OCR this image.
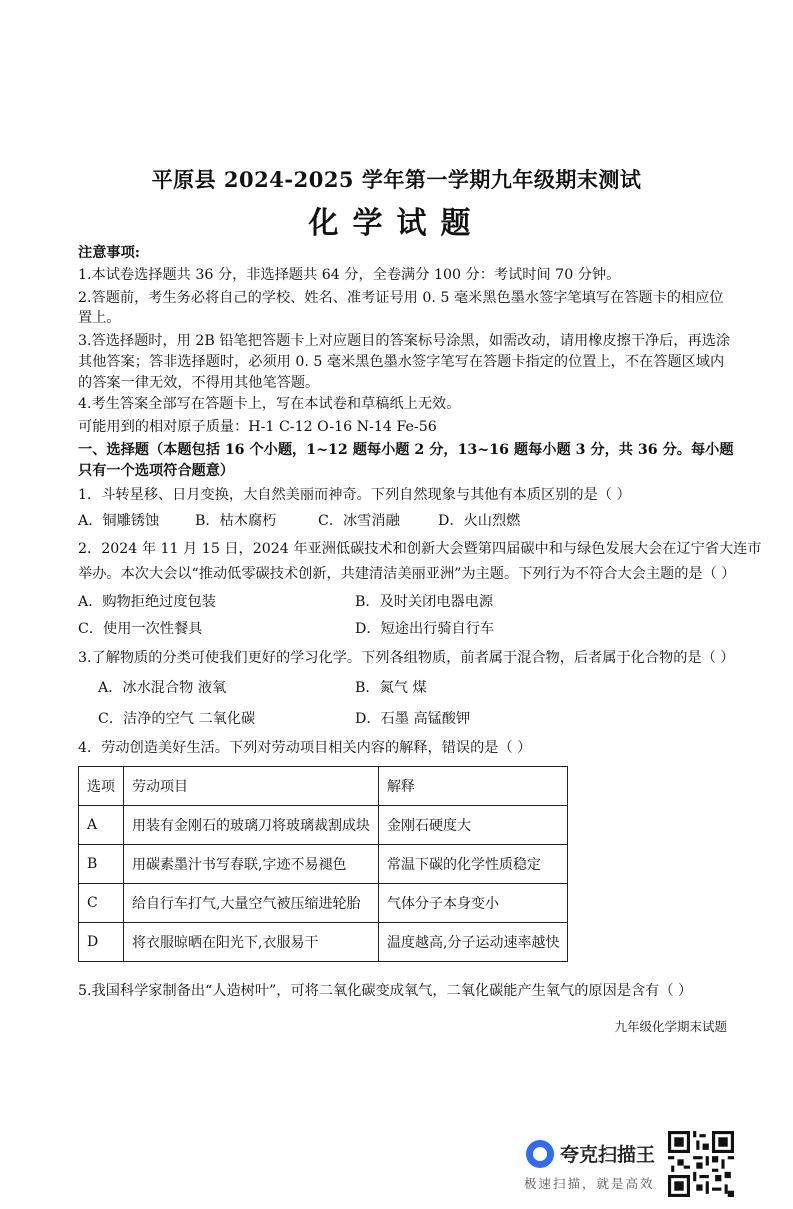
平原县 2024-2025 学年第一学期九年级期末测试
化学试题
注意事项:
1.本试卷选择题共 36 分，非选择题共 64 分，全卷满分 100 分：考试时间 70 分钟。
2.答题前，考生务必将自己的学校、姓名、准考证号用 0. 5 毫米黑色墨水签字笔填写在答题卡的相应位
置上。
3.答选择题时，用 2B 铅笔把答题卡上对应题目的答案标号涂黑，如需改动，请用橡皮擦干净后，再选涂
其他答案；答非选择题时，必须用 0. 5 毫米黑色墨水签字笔写在答题卡指定的位置上，不在答题区域内
的答案一律无效，不得用其他笔答题。
4.考生答案全部写在答题卡上，写在本试卷和草稿纸上无效。
可能用到的相对原子质量：H-1 C-12 O-16 N-14 Fe-56
一、选择题（本题包括 16 个小题，1~12 题每小题 2 分，13~16 题每小题 3 分，共 36 分。每小题
只有一个选项符合题意）
1．斗转星移、日月变换，大自然美丽而神奇。下列自然现象与其他有本质区别的是（ ）
A．铜雕锈蚀	B．枯木腐朽	C．冰雪消融	D．火山烈燃
2．2024 年 11 月 15 日，2024 年亚洲低碳技术和创新大会暨第四届碳中和与绿色发展大会在辽宁省大连市
举办。本次大会以“推动低零碳技术创新，共建清洁美丽亚洲”为主题。下列行为不符合大会主题的是（ ）
A．购物拒绝过度包装	B．及时关闭电器电源
C．使用一次性餐具	D．短途出行骑自行车
3.了解物质的分类可使我们更好的学习化学。下列各组物质，前者属于混合物，后者属于化合物的是（ ）
A．冰水混合物 液氧	B．氮气 煤
C．洁净的空气 二氧化碳	D．石墨 高锰酸钾
4．劳动创造美好生活。下列对劳动项目相关内容的解释，错误的是（ ）
选项	劳动项目	解释
A	用装有金刚石的玻璃刀将玻璃裁割成块	金刚石硬度大
B	用碳素墨汁书写春联,字迹不易褪色	常温下碳的化学性质稳定
C	给自行车打气,大量空气被压缩进轮胎	气体分子本身变小
D	将衣服晾晒在阳光下,衣服易干	温度越高,分子运动速率越快
5.我国科学家制备出“人造树叶”，可将二氧化碳变成氧气，二氧化碳能产生氧气的原因是含有（ ）
九年级化学期末试题
夸克扫描王
极速扫描，就是高效
